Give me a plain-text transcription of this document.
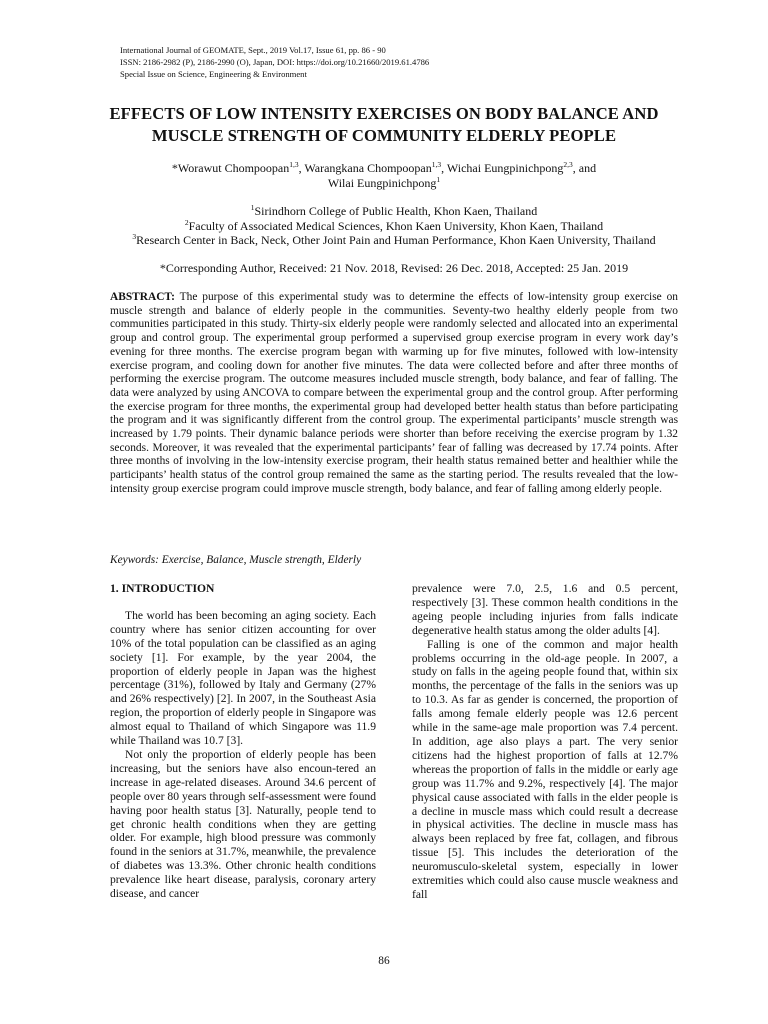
International Journal of GEOMATE, Sept., 2019 Vol.17, Issue 61, pp. 86 - 90
ISSN: 2186-2982 (P), 2186-2990 (O), Japan, DOI: https://doi.org/10.21660/2019.61.4786
Special Issue on Science, Engineering & Environment
EFFECTS OF LOW INTENSITY EXERCISES ON BODY BALANCE AND MUSCLE STRENGTH OF COMMUNITY ELDERLY PEOPLE
*Worawut Chompoopan$^{1,3}$, Warangkana Chompoopan$^{1,3}$, Wichai Eungpinichpong$^{2,3}$, and
Wilai Eungpinichpong$^1$
$^1$Sirindhorn College of Public Health, Khon Kaen, Thailand
$^2$Faculty of Associated Medical Sciences, Khon Kaen University, Khon Kaen, Thailand
$^3$Research Center in Back, Neck, Other Joint Pain and Human Performance, Khon Kaen University, Thailand
*Corresponding Author, Received: 21 Nov. 2018, Revised: 26 Dec. 2018, Accepted: 25 Jan. 2019
ABSTRACT: The purpose of this experimental study was to determine the effects of low-intensity group exercise on muscle strength and balance of elderly people in the communities. Seventy-two healthy elderly people from two communities participated in this study. Thirty-six elderly people were randomly selected and allocated into an experimental group and control group. The experimental group performed a supervised group exercise program in every work day’s evening for three months. The exercise program began with warming up for five minutes, followed with low-intensity exercise program, and cooling down for another five minutes. The data were collected before and after three months of performing the exercise program. The outcome measures included muscle strength, body balance, and fear of falling. The data were analyzed by using ANCOVA to compare between the experimental group and the control group. After performing the exercise program for three months, the experimental group had developed better health status than before participating the program and it was significantly different from the control group. The experimental participants’ muscle strength was increased by 1.79 points. Their dynamic balance periods were shorter than before receiving the exercise program by 1.32 seconds. Moreover, it was revealed that the experimental participants’ fear of falling was decreased by 17.74 points. After three months of involving in the low-intensity exercise program, their health status remained better and healthier while the participants’ health status of the control group remained the same as the starting period. The results revealed that the low-intensity group exercise program could improve muscle strength, body balance, and fear of falling among elderly people.
Keywords: Exercise, Balance, Muscle strength, Elderly
1. INTRODUCTION

The world has been becoming an aging society. Each country where has senior citizen accounting for over 10% of the total population can be classified as an aging society [1]. For example, by the year 2004, the proportion of elderly people in Japan was the highest percentage (31%), followed by Italy and Germany (27% and 26% respectively) [2]. In 2007, in the Southeast Asia region, the proportion of elderly people in Singapore was almost equal to Thailand of which Singapore was 11.9 while Thailand was 10.7 [3].

Not only the proportion of elderly people has been increasing, but the seniors have also encoun-tered an increase in age-related diseases. Around 34.6 percent of people over 80 years through self-assessment were found having poor health status [3]. Naturally, people tend to get chronic health conditions when they are getting older. For example, high blood pressure was commonly found in the seniors at 31.7%, meanwhile, the prevalence of diabetes was 13.3%. Other chronic health conditions prevalence like heart disease, paralysis, coronary artery disease, and cancer

prevalence were 7.0, 2.5, 1.6 and 0.5 percent, respectively [3]. These common health conditions in the ageing people including injuries from falls indicate degenerative health status among the older adults [4].

Falling is one of the common and major health problems occurring in the old-age people. In 2007, a study on falls in the ageing people found that, within six months, the percentage of the falls in the seniors was up to 10.3. As far as gender is concerned, the proportion of falls among female elderly people was 12.6 percent while in the same-age male proportion was 7.4 percent. In addition, age also plays a part. The very senior citizens had the highest proportion of falls at 12.7% whereas the proportion of falls in the middle or early age group was 11.7% and 9.2%, respectively [4]. The major physical cause associated with falls in the elder people is a decline in muscle mass which could result a decrease in physical activities. The decline in muscle mass has always been replaced by free fat, collagen, and fibrous tissue [5]. This includes the deterioration of the neuromusculo-skeletal system, especially in lower extremities which could also cause muscle weakness and fall

86
